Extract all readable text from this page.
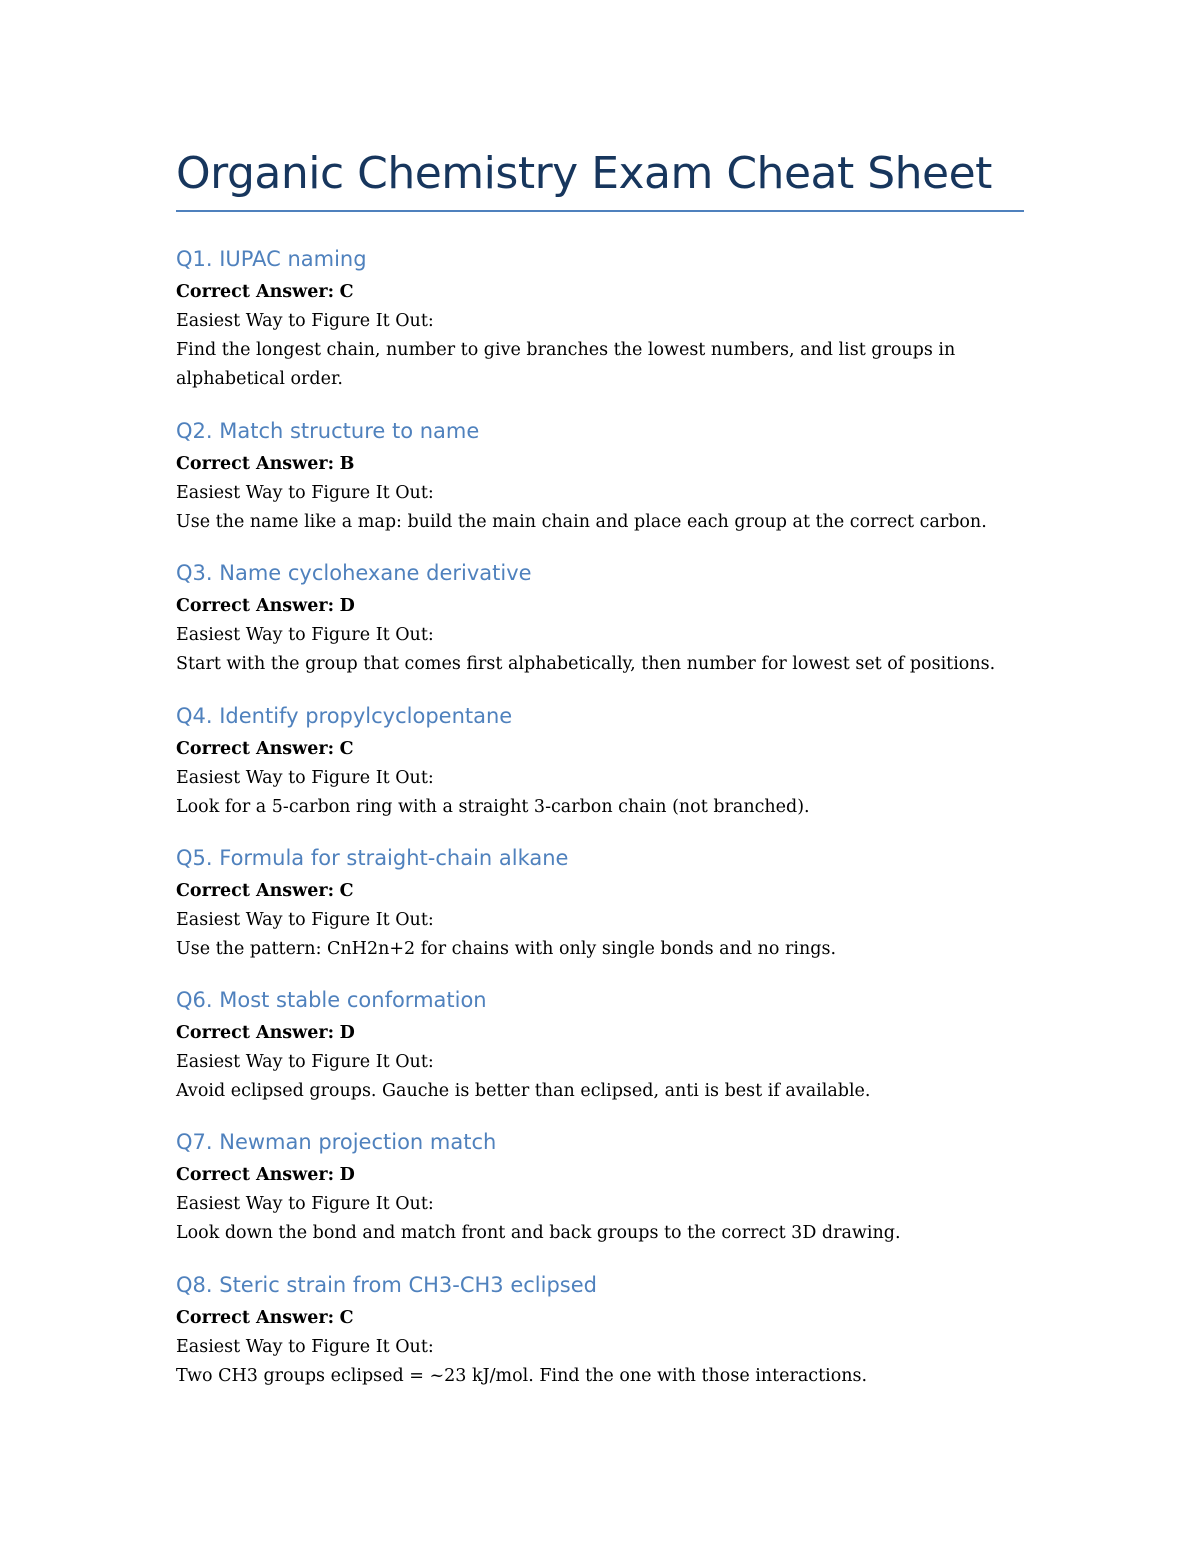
Organic Chemistry Exam Cheat Sheet
Q1. IUPAC naming

Correct Answer: C

Easiest Way to Figure It Out:

Find the longest chain, number to give branches the lowest numbers, and list groups in alphabetical order.

Q2. Match structure to name

Correct Answer: B

Easiest Way to Figure It Out:

Use the name like a map: build the main chain and place each group at the correct carbon.

Q3. Name cyclohexane derivative

Correct Answer: D

Easiest Way to Figure It Out:

Start with the group that comes first alphabetically, then number for lowest set of positions.

Q4. Identify propylcyclopentane

Correct Answer: C

Easiest Way to Figure It Out:

Look for a 5-carbon ring with a straight 3-carbon chain (not branched).

Q5. Formula for straight-chain alkane

Correct Answer: C

Easiest Way to Figure It Out:

Use the pattern: CnH2n+2 for chains with only single bonds and no rings.

Q6. Most stable conformation

Correct Answer: D

Easiest Way to Figure It Out:

Avoid eclipsed groups. Gauche is better than eclipsed, anti is best if available.

Q7. Newman projection match

Correct Answer: D

Easiest Way to Figure It Out:

Look down the bond and match front and back groups to the correct 3D drawing.

Q8. Steric strain from CH3-CH3 eclipsed

Correct Answer: C

Easiest Way to Figure It Out:

Two CH3 groups eclipsed = ~23 kJ/mol. Find the one with those interactions.
